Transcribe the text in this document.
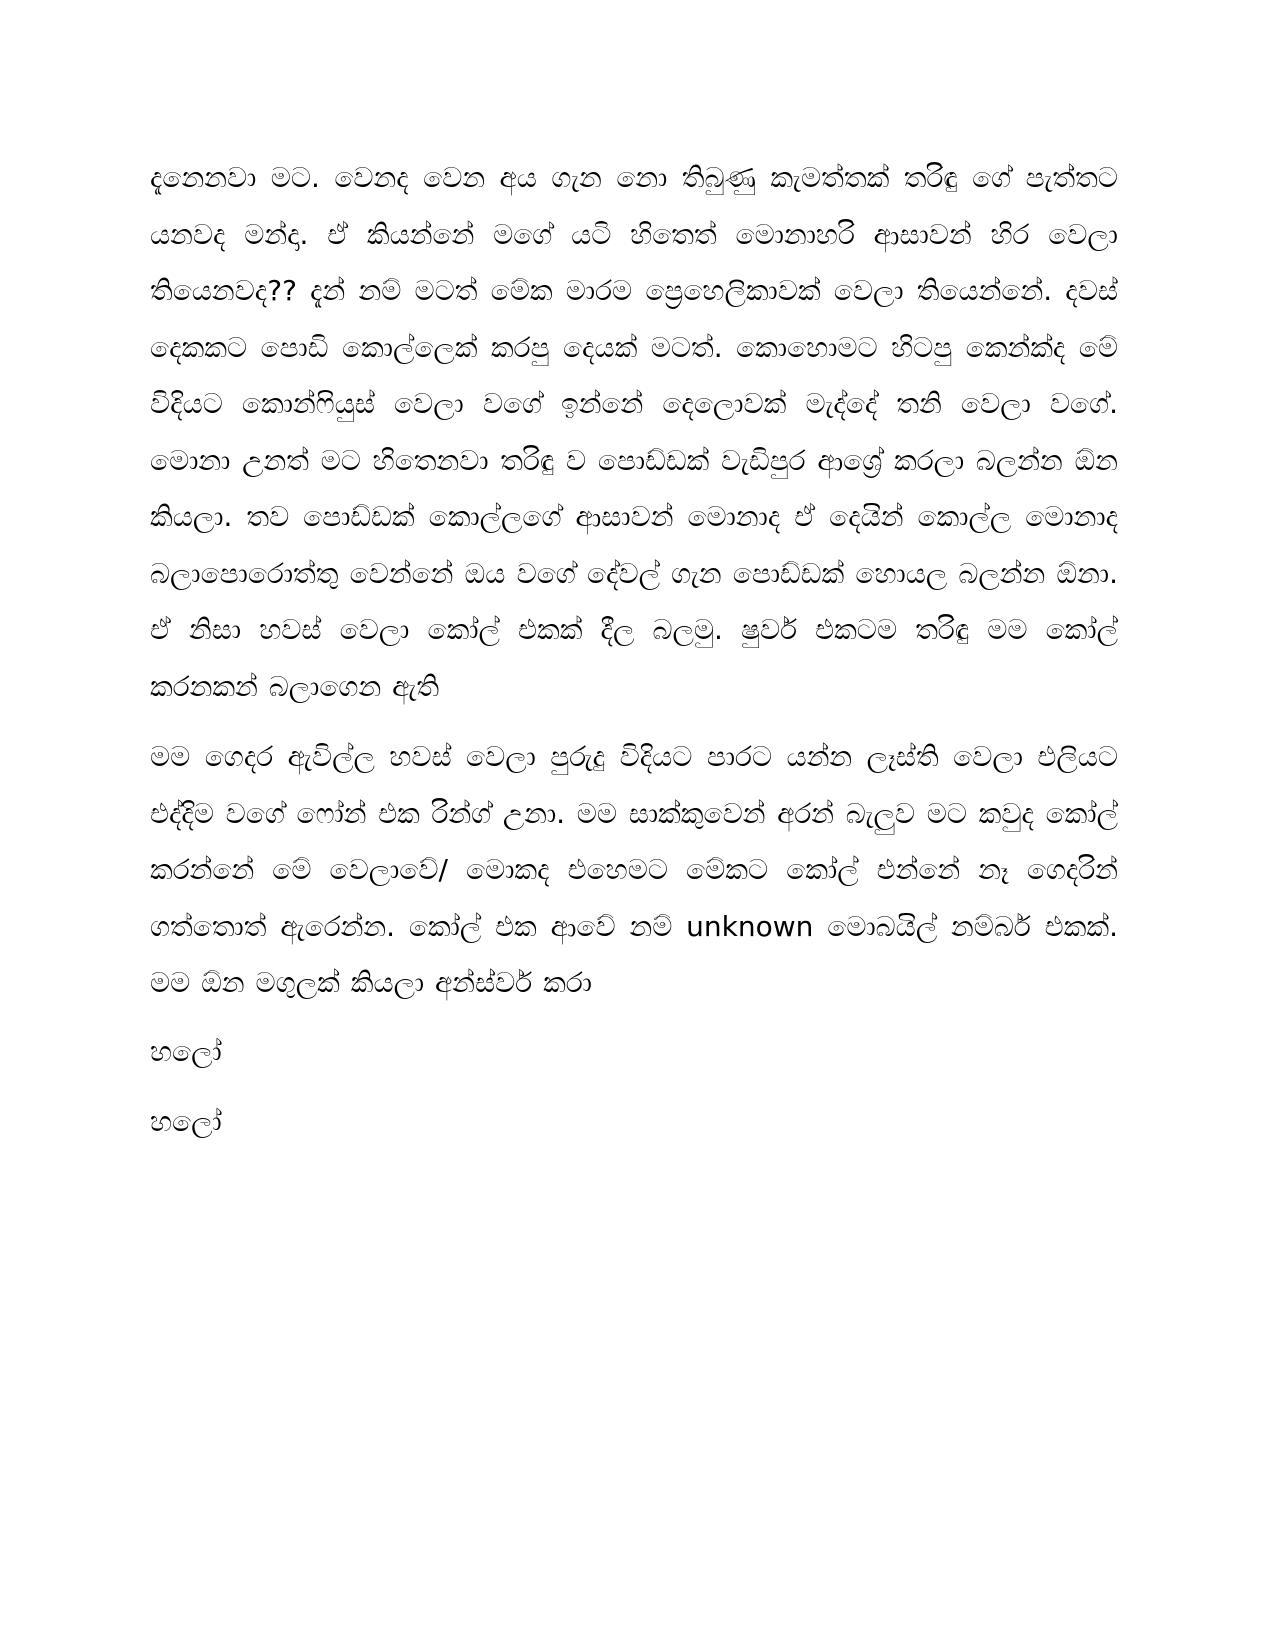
දැනෙනවා මට. වෙනද වෙන අය ගැන නො තිබුණු කැමත්තක් තරිඳු ගේ පැත්තට යනවද මන්දා. ඒ කියන්නේ මගේ යටි හිතෙත් මොනාහරි ආසාවන් හිර වෙලා තියෙනවද?? දැන් නම් මටත් මේක මාරම ප්‍රෙහෙලිකාවක් වෙලා තියෙන්නේ. දවස් දෙකකට පොඩි කොල්ලෙක් කරපු දෙයක් මටත්. කොහොමට හිටපු කෙන්ක්ද මේ විදියට කොන්ෆියුස් වෙලා වගේ ඉන්නේ දෙලොවක් මැද්දේ තනි වෙලා වගේ. මොනා උනත් මට හිතෙනවා තරිඳු ව පොඩ්ඩක් වැඩිපුර ආශ්‍රේ කරලා බලන්න ඕන කියලා. තව පොඩ්ඩක් කොල්ලගේ ආසාවන් මොනාද ඒ දෙයින් කොල්ල මොනාද බලාපොරොත්තු වෙන්නේ ඔය වගේ දේවල් ගැන පොඩ්ඩක් හොයල බලන්න ඕනා. ඒ නිසා හවස් වෙලා කෝල් එකක් දීල බලමු. ෂුවර් එකටම තරිඳු මම කෝල් කරනකන් බලාගෙන ඇති

මම ගෙදර ඇවිල්ල හවස් වෙලා පුරුදු විදියට පාරට යන්න ලෑස්ති වෙලා එලියට එද්දිම වගේ ෆෝන් එක රින්ග් උනා. මම සාක්කුවෙන් අරන් බැලුව මට කවුද කෝල් කරන්නේ මේ වෙලාවේ/ මොකද එහෙමට මේකට කෝල් එන්නේ නෑ ගෙදරින් ගත්තොත් ඇරෙන්න. කෝල් එක ආවේ නම් unknown මොබයිල් නම්බර් එකක්. මම ඕන මගුලක් කියලා අන්ස්වර් කරා

හලෝ

හලෝ
